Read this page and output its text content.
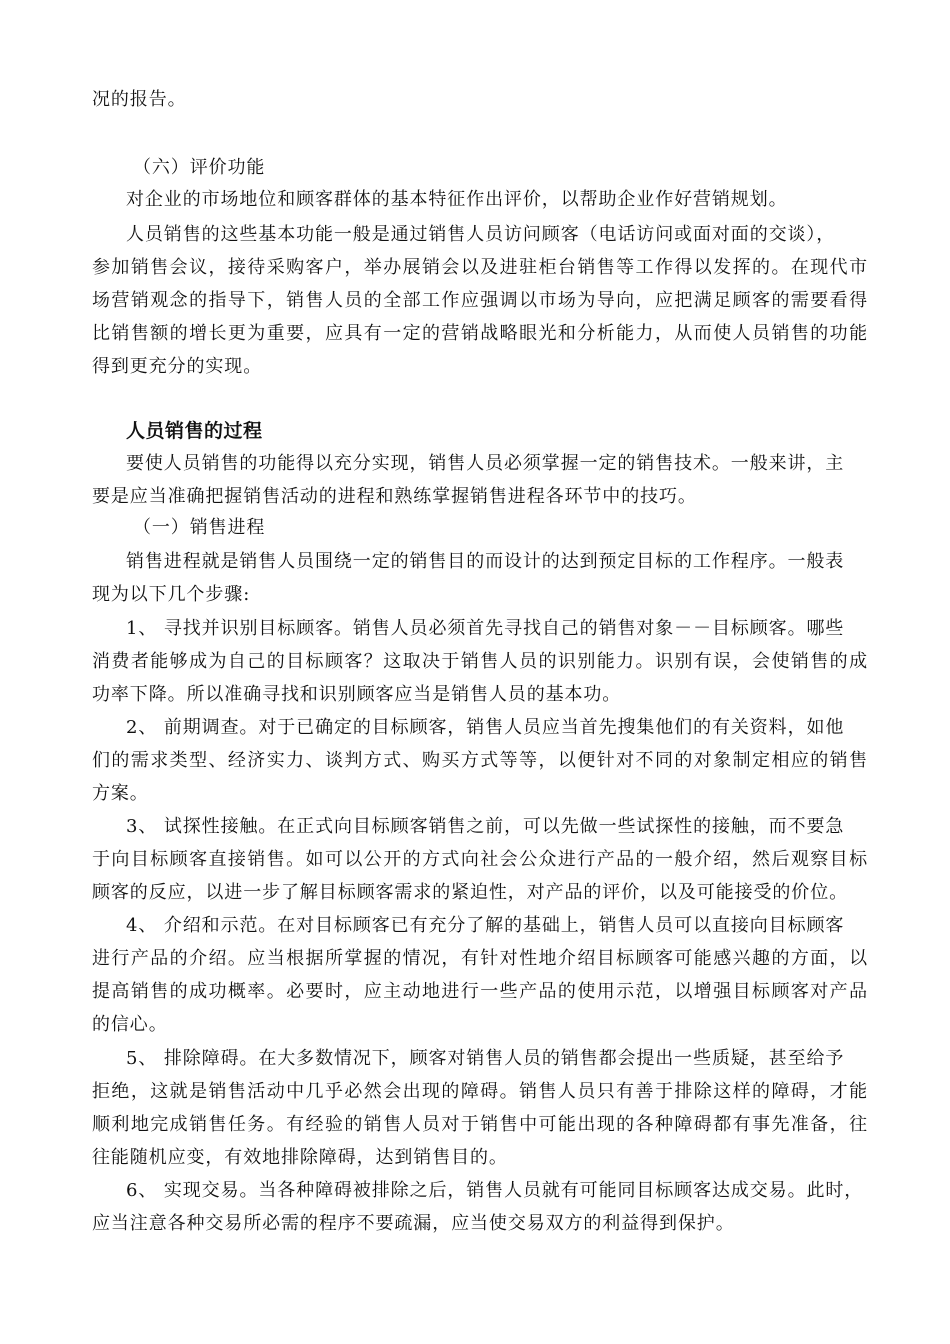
况的报告。
（六）评价功能
对企业的市场地位和顾客群体的基本特征作出评价，以帮助企业作好营销规划。
人员销售的这些基本功能一般是通过销售人员访问顾客（电话访问或面对面的交谈），
参加销售会议，接待采购客户，举办展销会以及进驻柜台销售等工作得以发挥的。在现代市
场营销观念的指导下，销售人员的全部工作应强调以市场为导向，应把满足顾客的需要看得
比销售额的增长更为重要，应具有一定的营销战略眼光和分析能力，从而使人员销售的功能
得到更充分的实现。
人员销售的过程
要使人员销售的功能得以充分实现，销售人员必须掌握一定的销售技术。一般来讲，主
要是应当准确把握销售活动的进程和熟练掌握销售进程各环节中的技巧。
（一）销售进程
销售进程就是销售人员围绕一定的销售目的而设计的达到预定目标的工作程序。一般表
现为以下几个步骤:
1、 寻找并识别目标顾客。销售人员必须首先寻找自己的销售对象－－目标顾客。哪些
消费者能够成为自己的目标顾客？这取决于销售人员的识别能力。识别有误，会使销售的成
功率下降。所以准确寻找和识别顾客应当是销售人员的基本功。
2、 前期调查。对于已确定的目标顾客，销售人员应当首先搜集他们的有关资料，如他
们的需求类型、经济实力、谈判方式、购买方式等等，以便针对不同的对象制定相应的销售
方案。
3、 试探性接触。在正式向目标顾客销售之前，可以先做一些试探性的接触，而不要急
于向目标顾客直接销售。如可以公开的方式向社会公众进行产品的一般介绍，然后观察目标
顾客的反应，以进一步了解目标顾客需求的紧迫性，对产品的评价，以及可能接受的价位。
4、 介绍和示范。在对目标顾客已有充分了解的基础上，销售人员可以直接向目标顾客
进行产品的介绍。应当根据所掌握的情况，有针对性地介绍目标顾客可能感兴趣的方面，以
提高销售的成功概率。必要时，应主动地进行一些产品的使用示范，以增强目标顾客对产品
的信心。
5、 排除障碍。在大多数情况下，顾客对销售人员的销售都会提出一些质疑，甚至给予
拒绝，这就是销售活动中几乎必然会出现的障碍。销售人员只有善于排除这样的障碍，才能
顺利地完成销售任务。有经验的销售人员对于销售中可能出现的各种障碍都有事先准备，往
往能随机应变，有效地排除障碍，达到销售目的。
6、 实现交易。当各种障碍被排除之后，销售人员就有可能同目标顾客达成交易。此时，
应当注意各种交易所必需的程序不要疏漏，应当使交易双方的利益得到保护。
